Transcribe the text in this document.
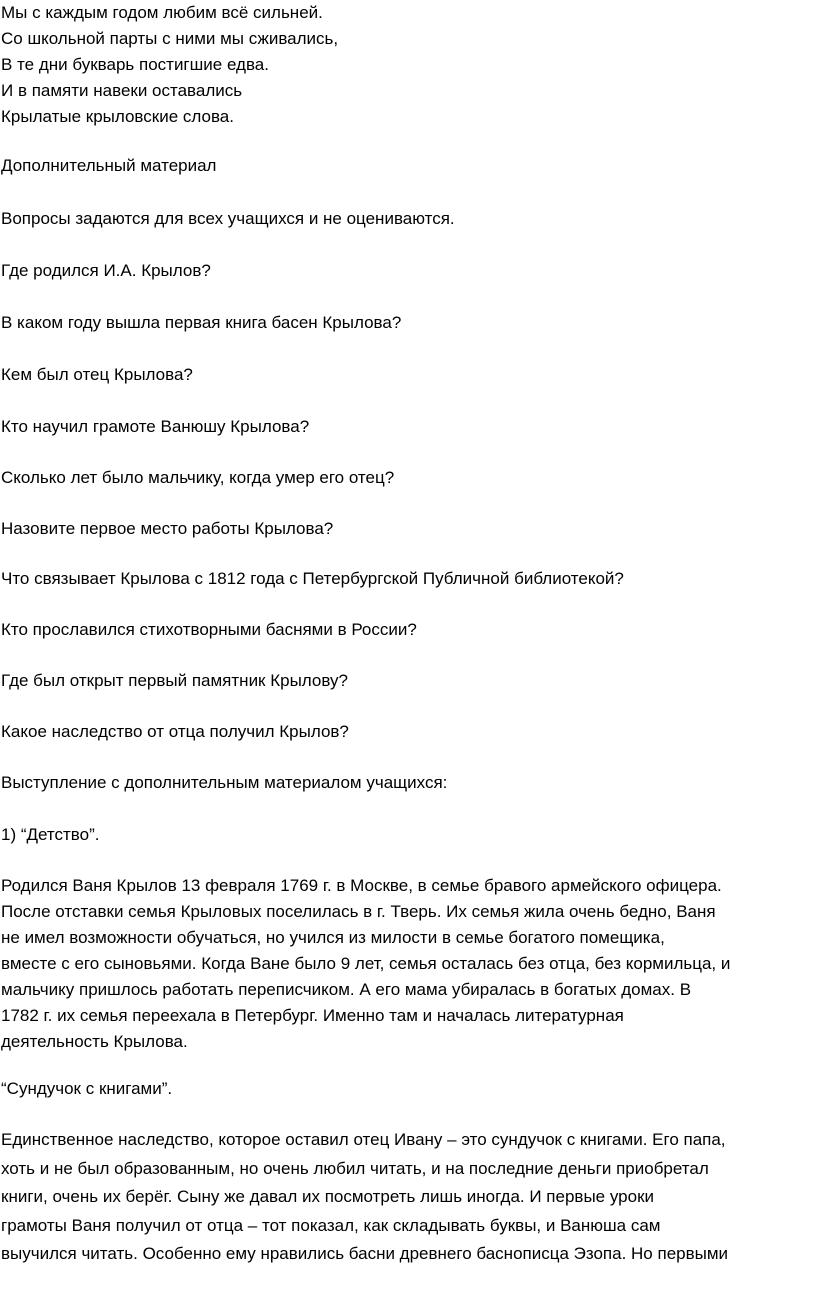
Мы с каждым годом любим всё сильней.
Со школьной парты с ними мы сживались,
В те дни букварь постигшие едва.
И в памяти навеки оставались
Крылатые крыловские слова.
Дополнительный материал
Вопросы задаются для всех учащихся и не оцениваются.
Где родился И.А. Крылов?
В каком году вышла первая книга басен Крылова?
Кем был отец Крылова?
Кто научил грамоте Ванюшу Крылова?
Сколько лет было мальчику, когда умер его отец?
Назовите первое место работы Крылова?
Что связывает Крылова с 1812 года с Петербургской Публичной библиотекой?
Кто прославился стихотворными баснями в России?
Где был открыт первый памятник Крылову?
Какое наследство от отца получил Крылов?
Выступление с дополнительным материалом учащихся:
1) “Детство”.
Родился Ваня Крылов 13 февраля 1769 г. в Москве, в семье бравого армейского офицера.
После отставки семья Крыловых поселилась в г. Тверь. Их семья жила очень бедно, Ваня
не имел возможности обучаться, но учился из милости в семье богатого помещика,
вместе с его сыновьями. Когда Ване было 9 лет, семья осталась без отца, без кормильца, и
мальчику пришлось работать переписчиком. А его мама убиралась в богатых домах. В
1782 г. их семья переехала в Петербург. Именно там и началась литературная
деятельность Крылова.
“Сундучок с книгами”.
Единственное наследство, которое оставил отец Ивану – это сундучок с книгами. Его папа,
хоть и не был образованным, но очень любил читать, и на последние деньги приобретал
книги, очень их берёг. Сыну же давал их посмотреть лишь иногда. И первые уроки
грамоты Ваня получил от отца – тот показал, как складывать буквы, и Ванюша сам
выучился читать. Особенно ему нравились басни древнего баснописца Эзопа. Но первыми
